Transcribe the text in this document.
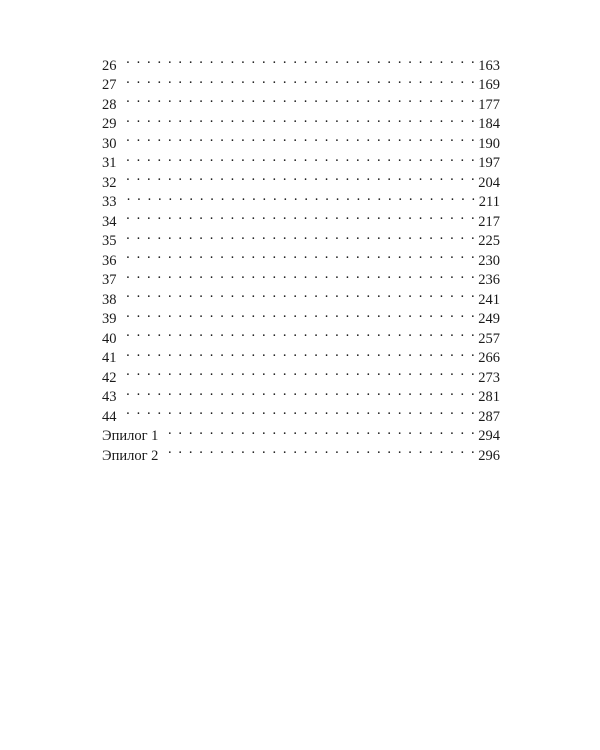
26 . . .	163
27 . . .	169
28 . . .	177
29 . . .	184
30 . . .	190
31 . . .	197
32 . . .	204
33 . . .	211
34 . . .	217
35 . . .	225
36 . . .	230
37 . . .	236
38 . . .	241
39 . . .	249
40 . . .	257
41 . . .	266
42 . . .	273
43 . . .	281
44 . . .	287
Эпилог 1 . . .	294
Эпилог 2 . . .	296
